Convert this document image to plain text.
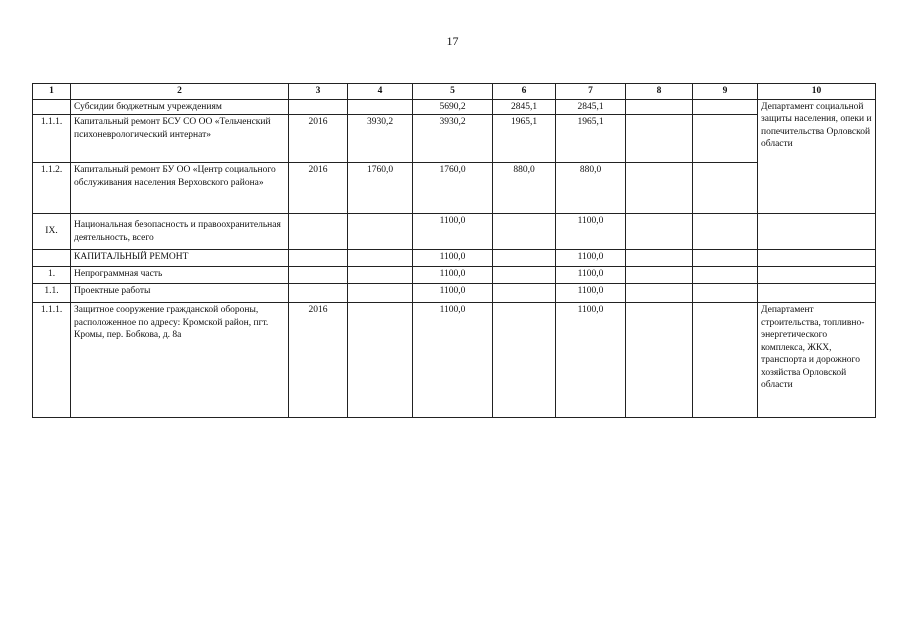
17
1	2	3	4	5	6	7	8	9	10
	Субсидии бюджетным учреждениям			5690,2	2845,1	2845,1			Департамент социальной защиты населения, опеки и попечительства Орловской области
1.1.1.	Капитальный ремонт БСУ СО ОО «Тельченский психоневрологический интернат»	2016	3930,2	3930,2	1965,1	1965,1			
1.1.2.	Капитальный ремонт БУ ОО «Центр социального обслуживания населения Верховского района»	2016	1760,0	1760,0	880,0	880,0			
IX.	Национальная безопасность и правоохранительная деятельность, всего			1100,0		1100,0			
	КАПИТАЛЬНЫЙ РЕМОНТ			1100,0		1100,0			
1.	Непрограммная часть			1100,0		1100,0			
1.1.	Проектные работы			1100,0		1100,0			
1.1.1.	Защитное сооружение гражданской обороны, расположенное по адресу: Кромской район, пгт. Кромы, пер. Бобкова, д. 8а	2016		1100,0		1100,0			Департамент строительства, топливно-энергетического комплекса, ЖКХ, транспорта и дорожного хозяйства Орловской области
